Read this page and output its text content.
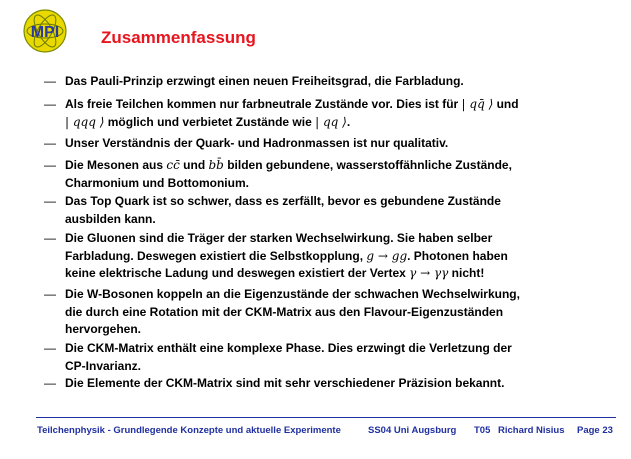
MPI Zusammenfassung
— Das Pauli-Prinzip erzwingt einen neuen Freiheitsgrad, die Farbladung.
— Als freie Teilchen kommen nur farbneutrale Zustände vor. Dies ist für | qq̄ ⟩ und
| qqq ⟩ möglich und verbietet Zustände wie | qq ⟩.
— Unser Verständnis der Quark- und Hadronmassen ist nur qualitativ.
— Die Mesonen aus cc̄ und bb̄ bilden gebundene, wasserstoffähnliche Zustände,
Charmonium und Bottomonium.
— Das Top Quark ist so schwer, dass es zerfällt, bevor es gebundene Zustände
ausbilden kann.
— Die Gluonen sind die Träger der starken Wechselwirkung. Sie haben selber
Farbladung. Deswegen existiert die Selbstkopplung, g → gg. Photonen haben
keine elektrische Ladung und deswegen existiert der Vertex γ → γγ nicht!
— Die W-Bosonen koppeln an die Eigenzustände der schwachen Wechselwirkung,
die durch eine Rotation mit der CKM-Matrix aus den Flavour-Eigenzuständen
hervorgehen.
— Die CKM-Matrix enthält eine komplexe Phase. Dies erzwingt die Verletzung der
CP-Invarianz.
— Die Elemente der CKM-Matrix sind mit sehr verschiedener Präzision bekannt.
Teilchenphysik - Grundlegende Konzepte und aktuelle Experimente	SS04 Uni Augsburg T05 Richard Nisius Page 23
